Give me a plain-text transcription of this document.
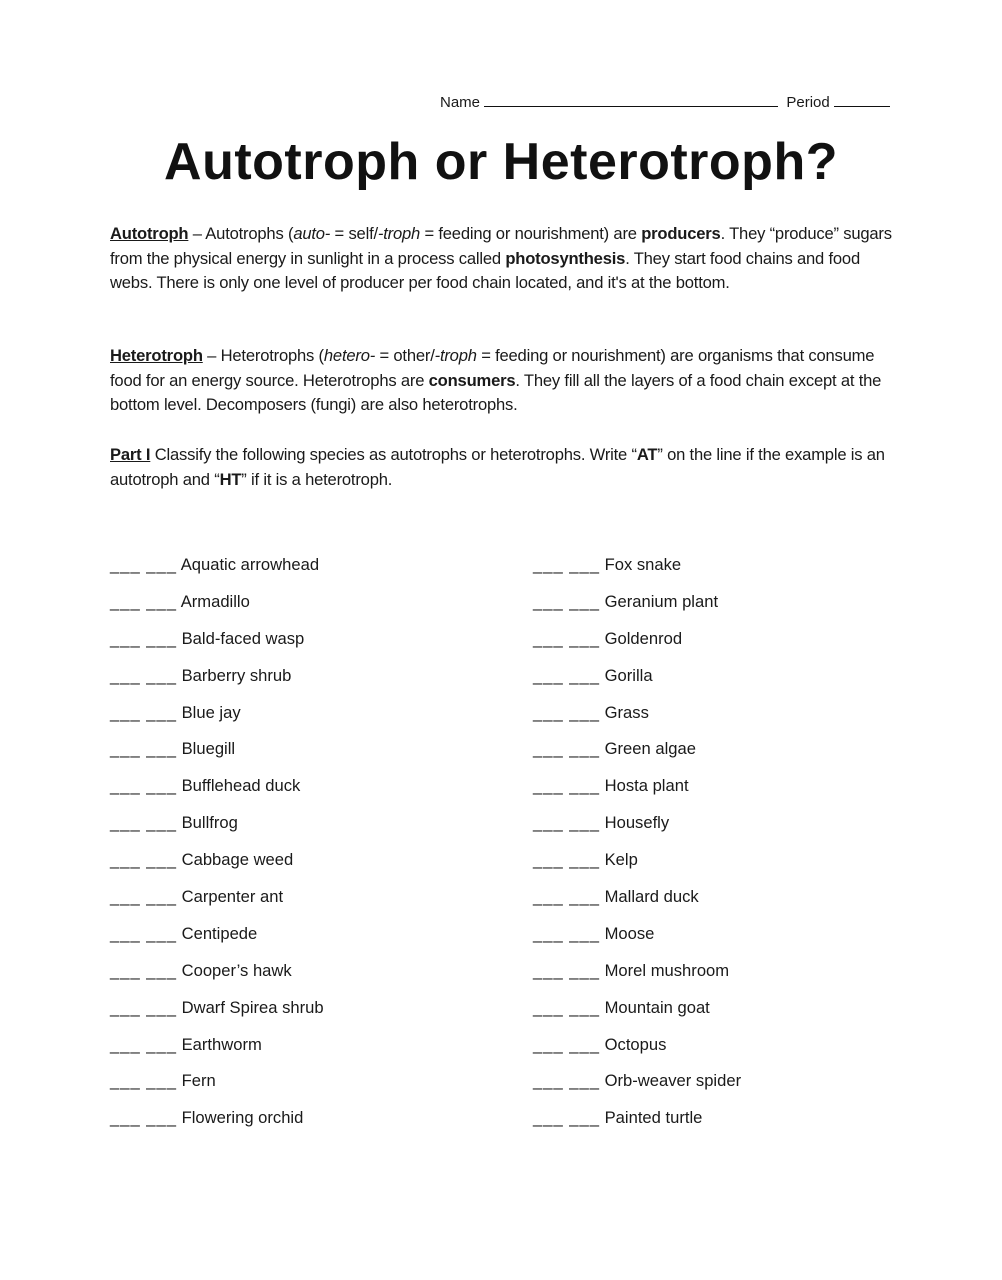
Name	Period
Autotroph or Heterotroph?

Autotroph – Autotrophs (auto- = self/-troph = feeding or nourishment) are producers. They “produce” sugars from the physical energy in sunlight in a process called photosynthesis. They start food chains and food webs. There is only one level of producer per food chain located, and it's at the bottom.

Heterotroph – Heterotrophs (hetero- = other/-troph = feeding or nourishment) are organisms that consume food for an energy source. Heterotrophs are consumers. They fill all the layers of a food chain except at the bottom level. Decomposers (fungi) are also heterotrophs.

Part I Classify the following species as autotrophs or heterotrophs. Write “AT” on the line if the example is an autotroph and “HT” if it is a heterotroph.

___ ___ Aquatic arrowhead
___ ___ Armadillo
___ ___ Bald-faced wasp
___ ___ Barberry shrub
___ ___ Blue jay
___ ___ Bluegill
___ ___ Bufflehead duck
___ ___ Bullfrog
___ ___ Cabbage weed
___ ___ Carpenter ant
___ ___ Centipede
___ ___ Cooper’s hawk
___ ___ Dwarf Spirea shrub
___ ___ Earthworm
___ ___ Fern
___ ___ Flowering orchid
___ ___ Fox snake
___ ___ Geranium plant
___ ___ Goldenrod
___ ___ Gorilla
___ ___ Grass
___ ___ Green algae
___ ___ Hosta plant
___ ___ Housefly
___ ___ Kelp
___ ___ Mallard duck
___ ___ Moose
___ ___ Morel mushroom
___ ___ Mountain goat
___ ___ Octopus
___ ___ Orb-weaver spider
___ ___ Painted turtle
